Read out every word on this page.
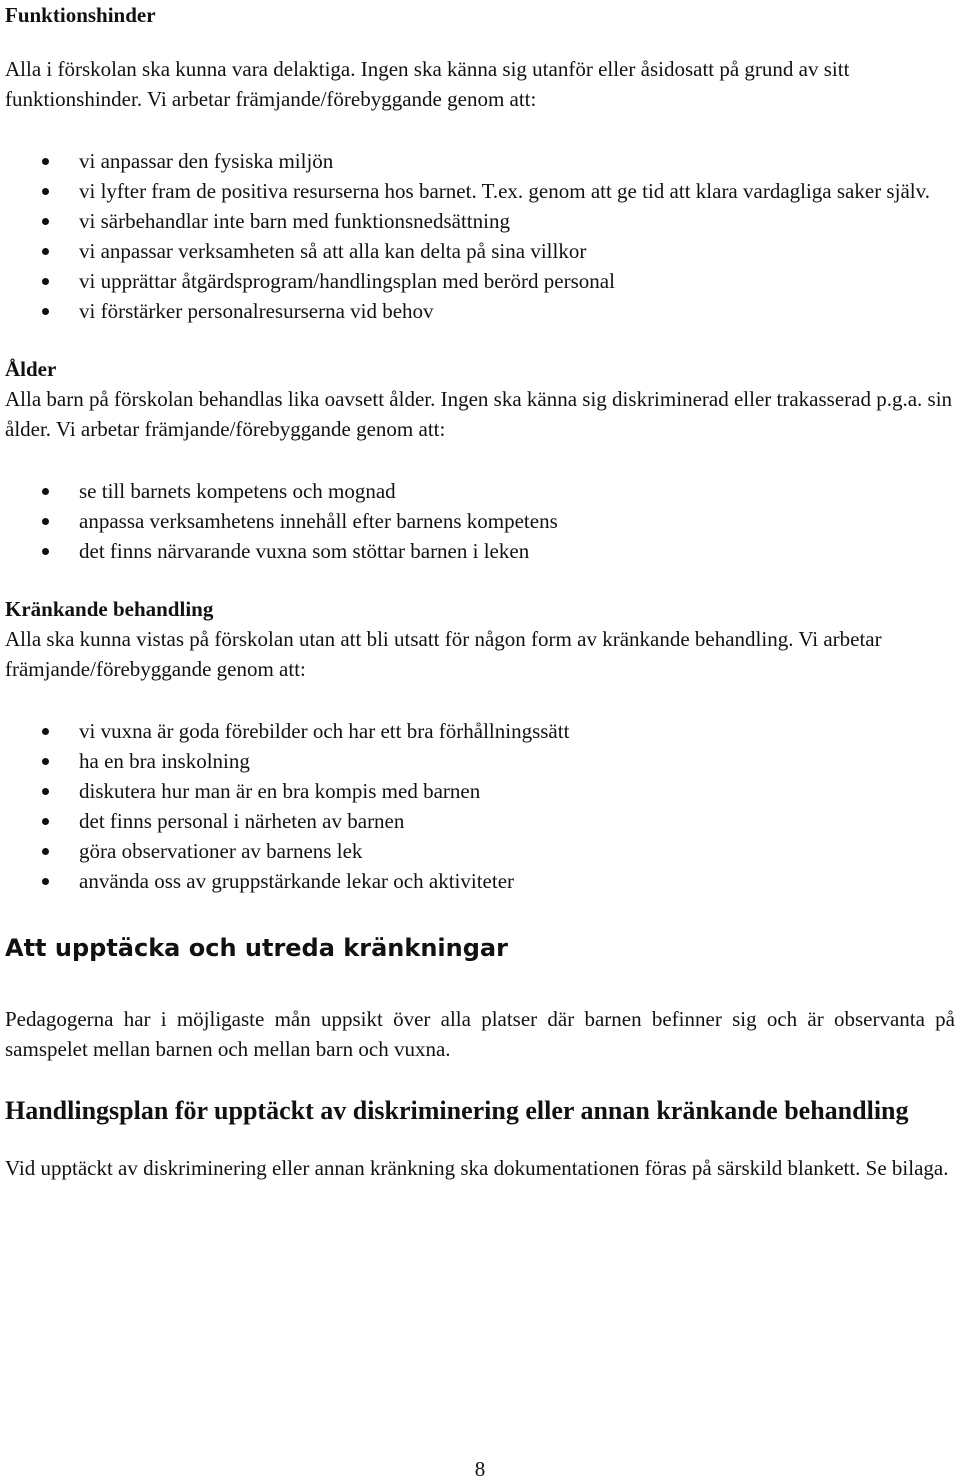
Funktionshinder

Alla i förskolan ska kunna vara delaktiga. Ingen ska känna sig utanför eller åsidosatt på grund av sitt funktionshinder. Vi arbetar främjande/förebyggande genom att:

vi anpassar den fysiska miljön
vi lyfter fram de positiva resurserna hos barnet. T.ex. genom att ge tid att klara vardagliga saker själv.
vi särbehandlar inte barn med funktionsnedsättning
vi anpassar verksamheten så att alla kan delta på sina villkor
vi upprättar åtgärdsprogram/handlingsplan med berörd personal
vi förstärker personalresurserna vid behov
Ålder

Alla barn på förskolan behandlas lika oavsett ålder. Ingen ska känna sig diskriminerad eller trakasserad p.g.a. sin ålder. Vi arbetar främjande/förebyggande genom att:

se till barnets kompetens och mognad
anpassa verksamhetens innehåll efter barnens kompetens
det finns närvarande vuxna som stöttar barnen i leken
Kränkande behandling

Alla ska kunna vistas på förskolan utan att bli utsatt för någon form av kränkande behandling. Vi arbetar främjande/förebyggande genom att:

vi vuxna är goda förebilder och har ett bra förhållningssätt
ha en bra inskolning
diskutera hur man är en bra kompis med barnen
det finns personal i närheten av barnen
göra observationer av barnens lek
använda oss av gruppstärkande lekar och aktiviteter
Att upptäcka och utreda kränkningar

Pedagogerna har i möjligaste mån uppsikt över alla platser där barnen befinner sig och är observanta på samspelet mellan barnen och mellan barn och vuxna.

Handlingsplan för upptäckt av diskriminering eller annan kränkande behandling

Vid upptäckt av diskriminering eller annan kränkning ska dokumentationen föras på särskild blankett. Se bilaga.

8
